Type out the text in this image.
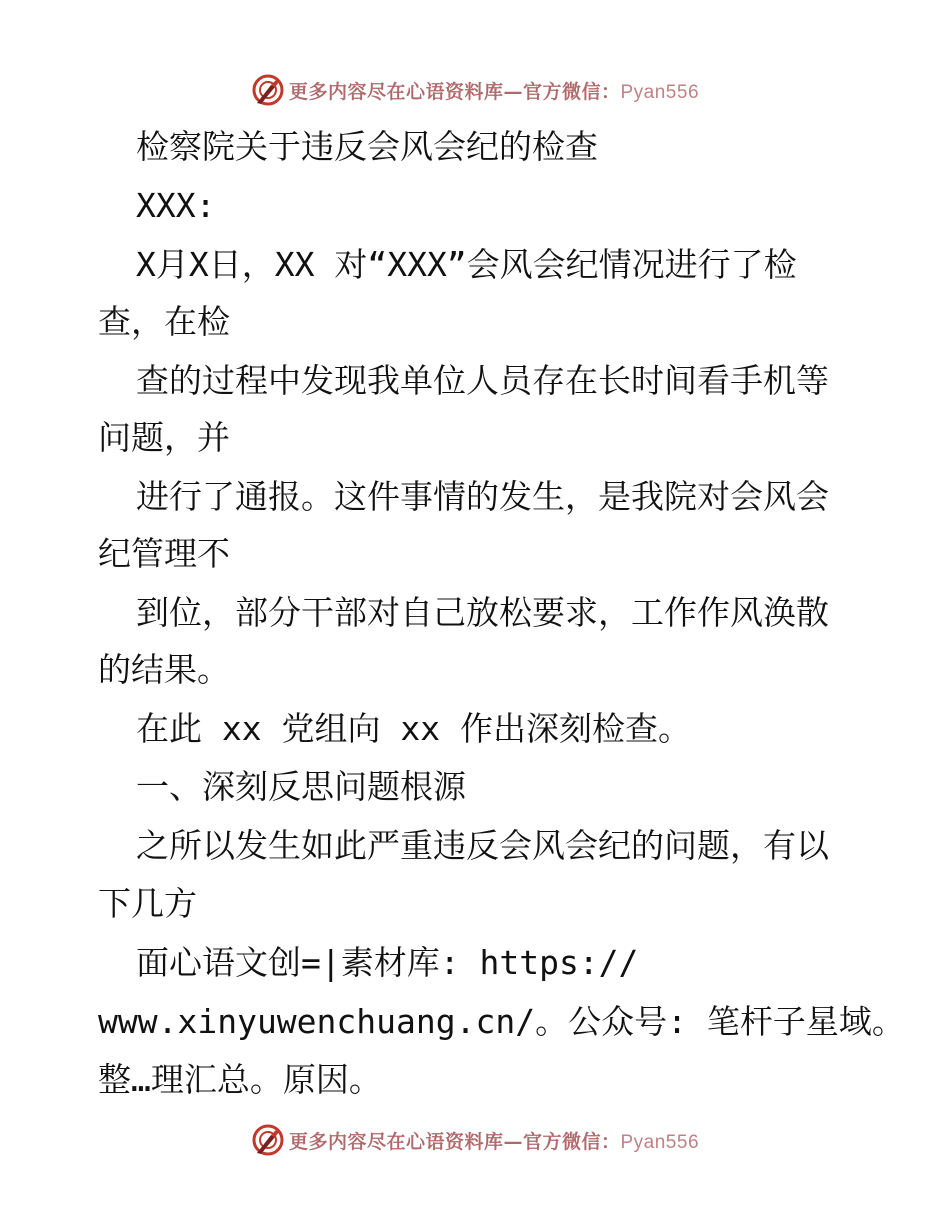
更多内容尽在心语资料库—官方微信：Pyan556
检察院关于违反会风会纪的检查
XXX:
X月X日，XX 对“XXX”会风会纪情况进行了检
查，在检
查的过程中发现我单位人员存在长时间看手机等
问题，并
进行了通报。这件事情的发生，是我院对会风会
纪管理不
到位，部分干部对自己放松要求，工作作风涣散
的结果。
在此 xx 党组向 xx 作出深刻检查。
一、深刻反思问题根源
之所以发生如此严重违反会风会纪的问题，有以
下几方
面心语文创=|素材库: https://
www.xinyuwenchuang.cn/。公众号: 笔杆子星域。
整…理汇总。原因。
更多内容尽在心语资料库—官方微信：Pyan556
